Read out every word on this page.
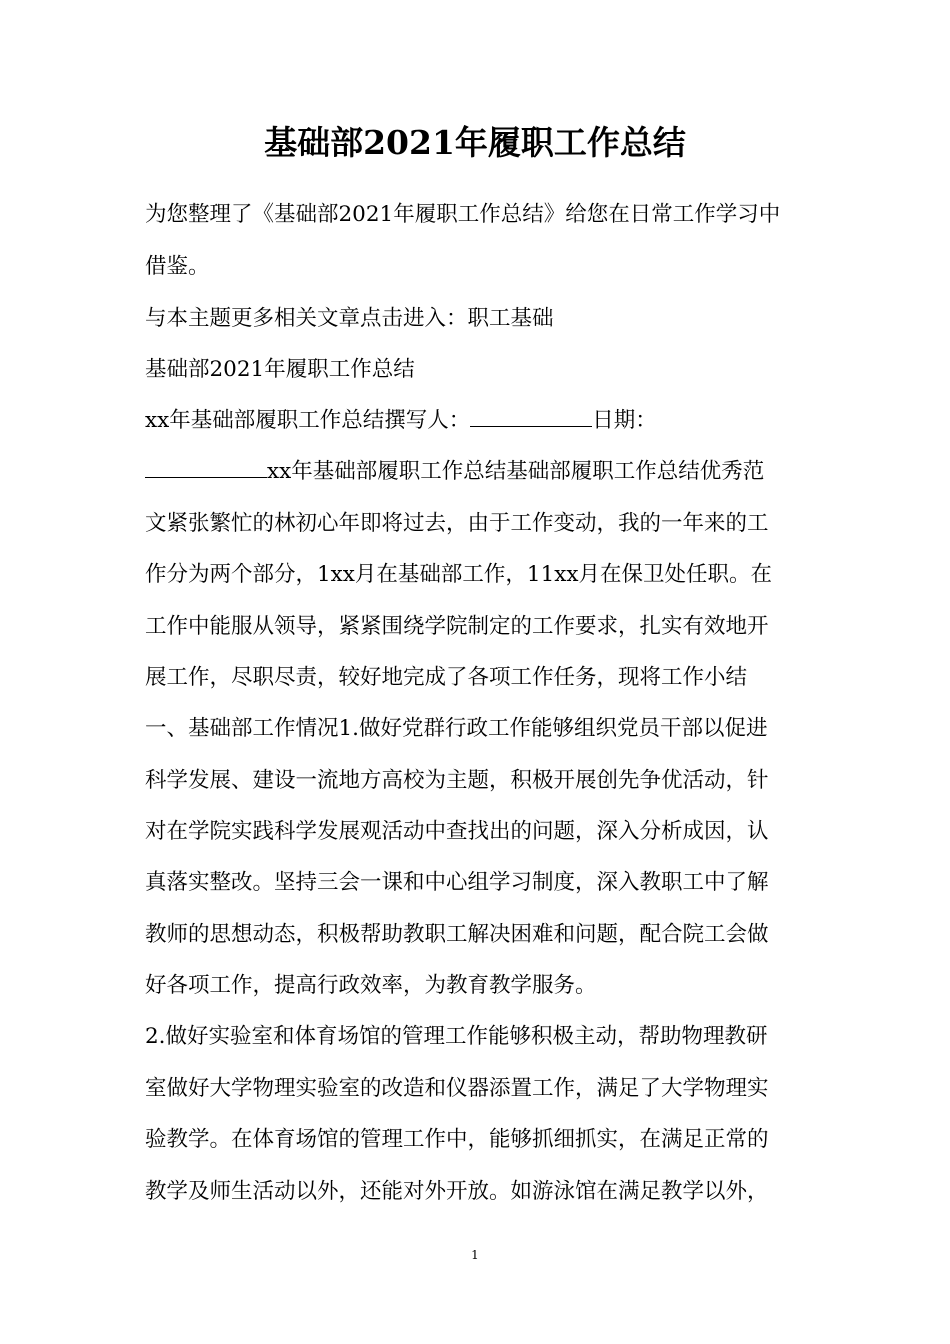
基础部2021年履职工作总结
为您整理了《基础部2021年履职工作总结》给您在日常工作学习中
借鉴。
与本主题更多相关文章点击进入：职工基础
基础部2021年履职工作总结
xx年基础部履职工作总结撰写人：	日期：
xx年基础部履职工作总结基础部履职工作总结优秀范
文紧张繁忙的林初心年即将过去，由于工作变动，我的一年来的工
作分为两个部分，1xx月在基础部工作，11xx月在保卫处任职。在
工作中能服从领导，紧紧围绕学院制定的工作要求，扎实有效地开
展工作，尽职尽责，较好地完成了各项工作任务，现将工作小结
一、基础部工作情况1.做好党群行政工作能够组织党员干部以促进
科学发展、建设一流地方高校为主题，积极开展创先争优活动，针
对在学院实践科学发展观活动中查找出的问题，深入分析成因，认
真落实整改。坚持三会一课和中心组学习制度，深入教职工中了解
教师的思想动态，积极帮助教职工解决困难和问题，配合院工会做
好各项工作，提高行政效率，为教育教学服务。
2.做好实验室和体育场馆的管理工作能够积极主动，帮助物理教研
室做好大学物理实验室的改造和仪器添置工作，满足了大学物理实
验教学。在体育场馆的管理工作中，能够抓细抓实，在满足正常的
教学及师生活动以外，还能对外开放。如游泳馆在满足教学以外，
1
